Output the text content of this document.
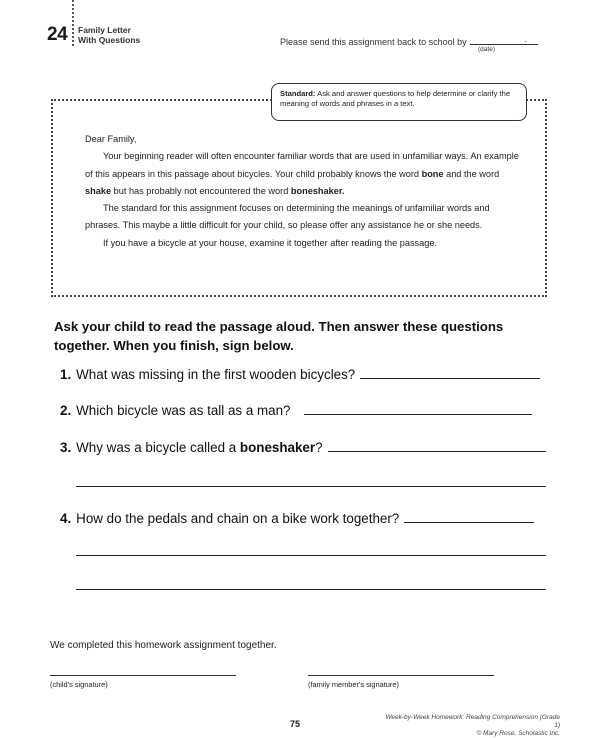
24 Family Letter
With Questions	Please send this assignment back to school by	.
(date)
Standard: Ask and answer questions to help determine or clarify the meaning of words and phrases in a text.

Dear Family,

Your beginning reader will often encounter familiar words that are used in unfamiliar ways. An example of this appears in this passage about bicycles. Your child probably knows the word bone and the word shake but has probably not encountered the word boneshaker.

The standard for this assignment focuses on determining the meanings of unfamiliar words and phrases. This maybe a little difficult for your child, so please offer any assistance he or she needs.

If you have a bicycle at your house, examine it together after reading the passage.

Ask your child to read the passage aloud. Then answer these questions together. When you finish, sign below.
1. What was missing in the first wooden bicycles?
2. Which bicycle was as tall as a man?
3. Why was a bicycle called a boneshaker?
4. How do the pedals and chain on a bike work together?
We completed this homework assignment together.
(child's signature)	(family member's signature)
75
Week-by-Week Homework: Reading Comprehension (Grade 1)
© Mary Rose, Scholastic Inc.
